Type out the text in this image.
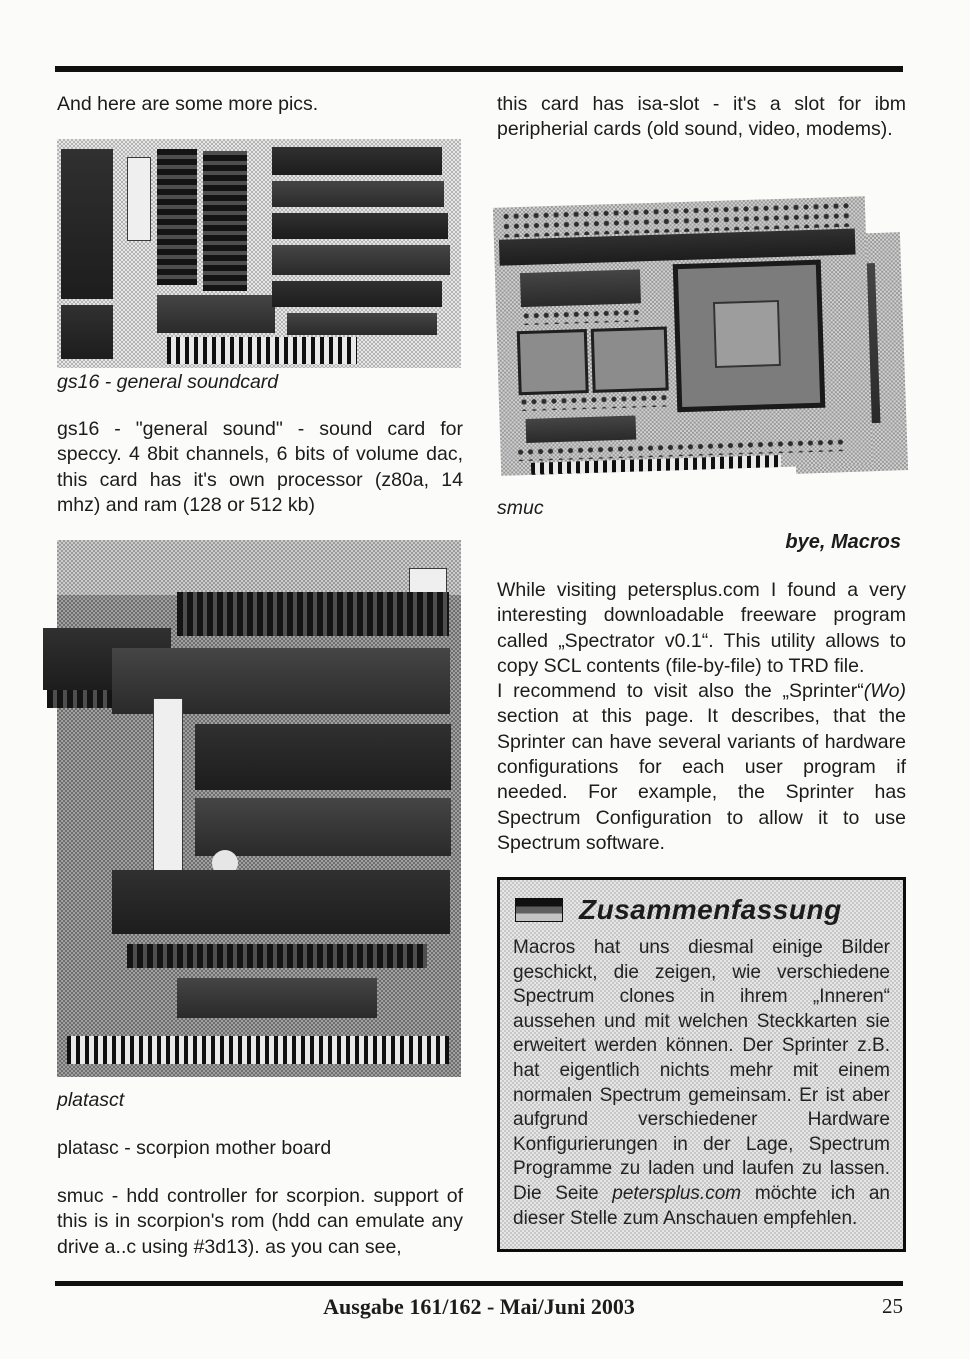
And here are some more pics.
gs16 - general soundcard
gs16 - "general sound" - sound card for speccy. 4 8bit channels, 6 bits of volume dac, this card has it's own processor (z80a, 14 mhz) and ram (128 or 512 kb)
platasct
platasc - scorpion mother board
smuc - hdd controller for scorpion. support of this is in scorpion's rom (hdd can emulate any drive a..c using #3d13). as you can see,
this card has isa-slot - it's a slot for ibm peripherial cards (old sound, video, modems).
smuc
bye, Macros

While visiting petersplus.com I found a very interesting downloadable freeware program called „Spectrator v0.1“. This utility allows to copy SCL contents (file-by-file) to TRD file.

(Wo)
I recommend to visit also the „Sprinter“ section at this page. It describes, that the Sprinter can have several variants of hardware configurations for each user program if needed. For example, the Sprinter has Spectrum Configuration to allow it to use Spectrum software.

Zusammenfassung
Macros hat uns diesmal einige Bilder geschickt, die zeigen, wie verschiedene Spectrum clones in ihrem „Inneren“ aussehen und mit welchen Steckkarten sie erweitert werden können. Der Sprinter z.B. hat eigentlich nichts mehr mit einem normalen Spectrum gemeinsam. Er ist aber aufgrund verschiedener Hardware Konfigurierungen in der Lage, Spectrum Programme zu laden und laufen zu lassen. Die Seite petersplus.com möchte ich an dieser Stelle zum Anschauen empfehlen.
Ausgabe 161/162 - Mai/Juni 2003	25
